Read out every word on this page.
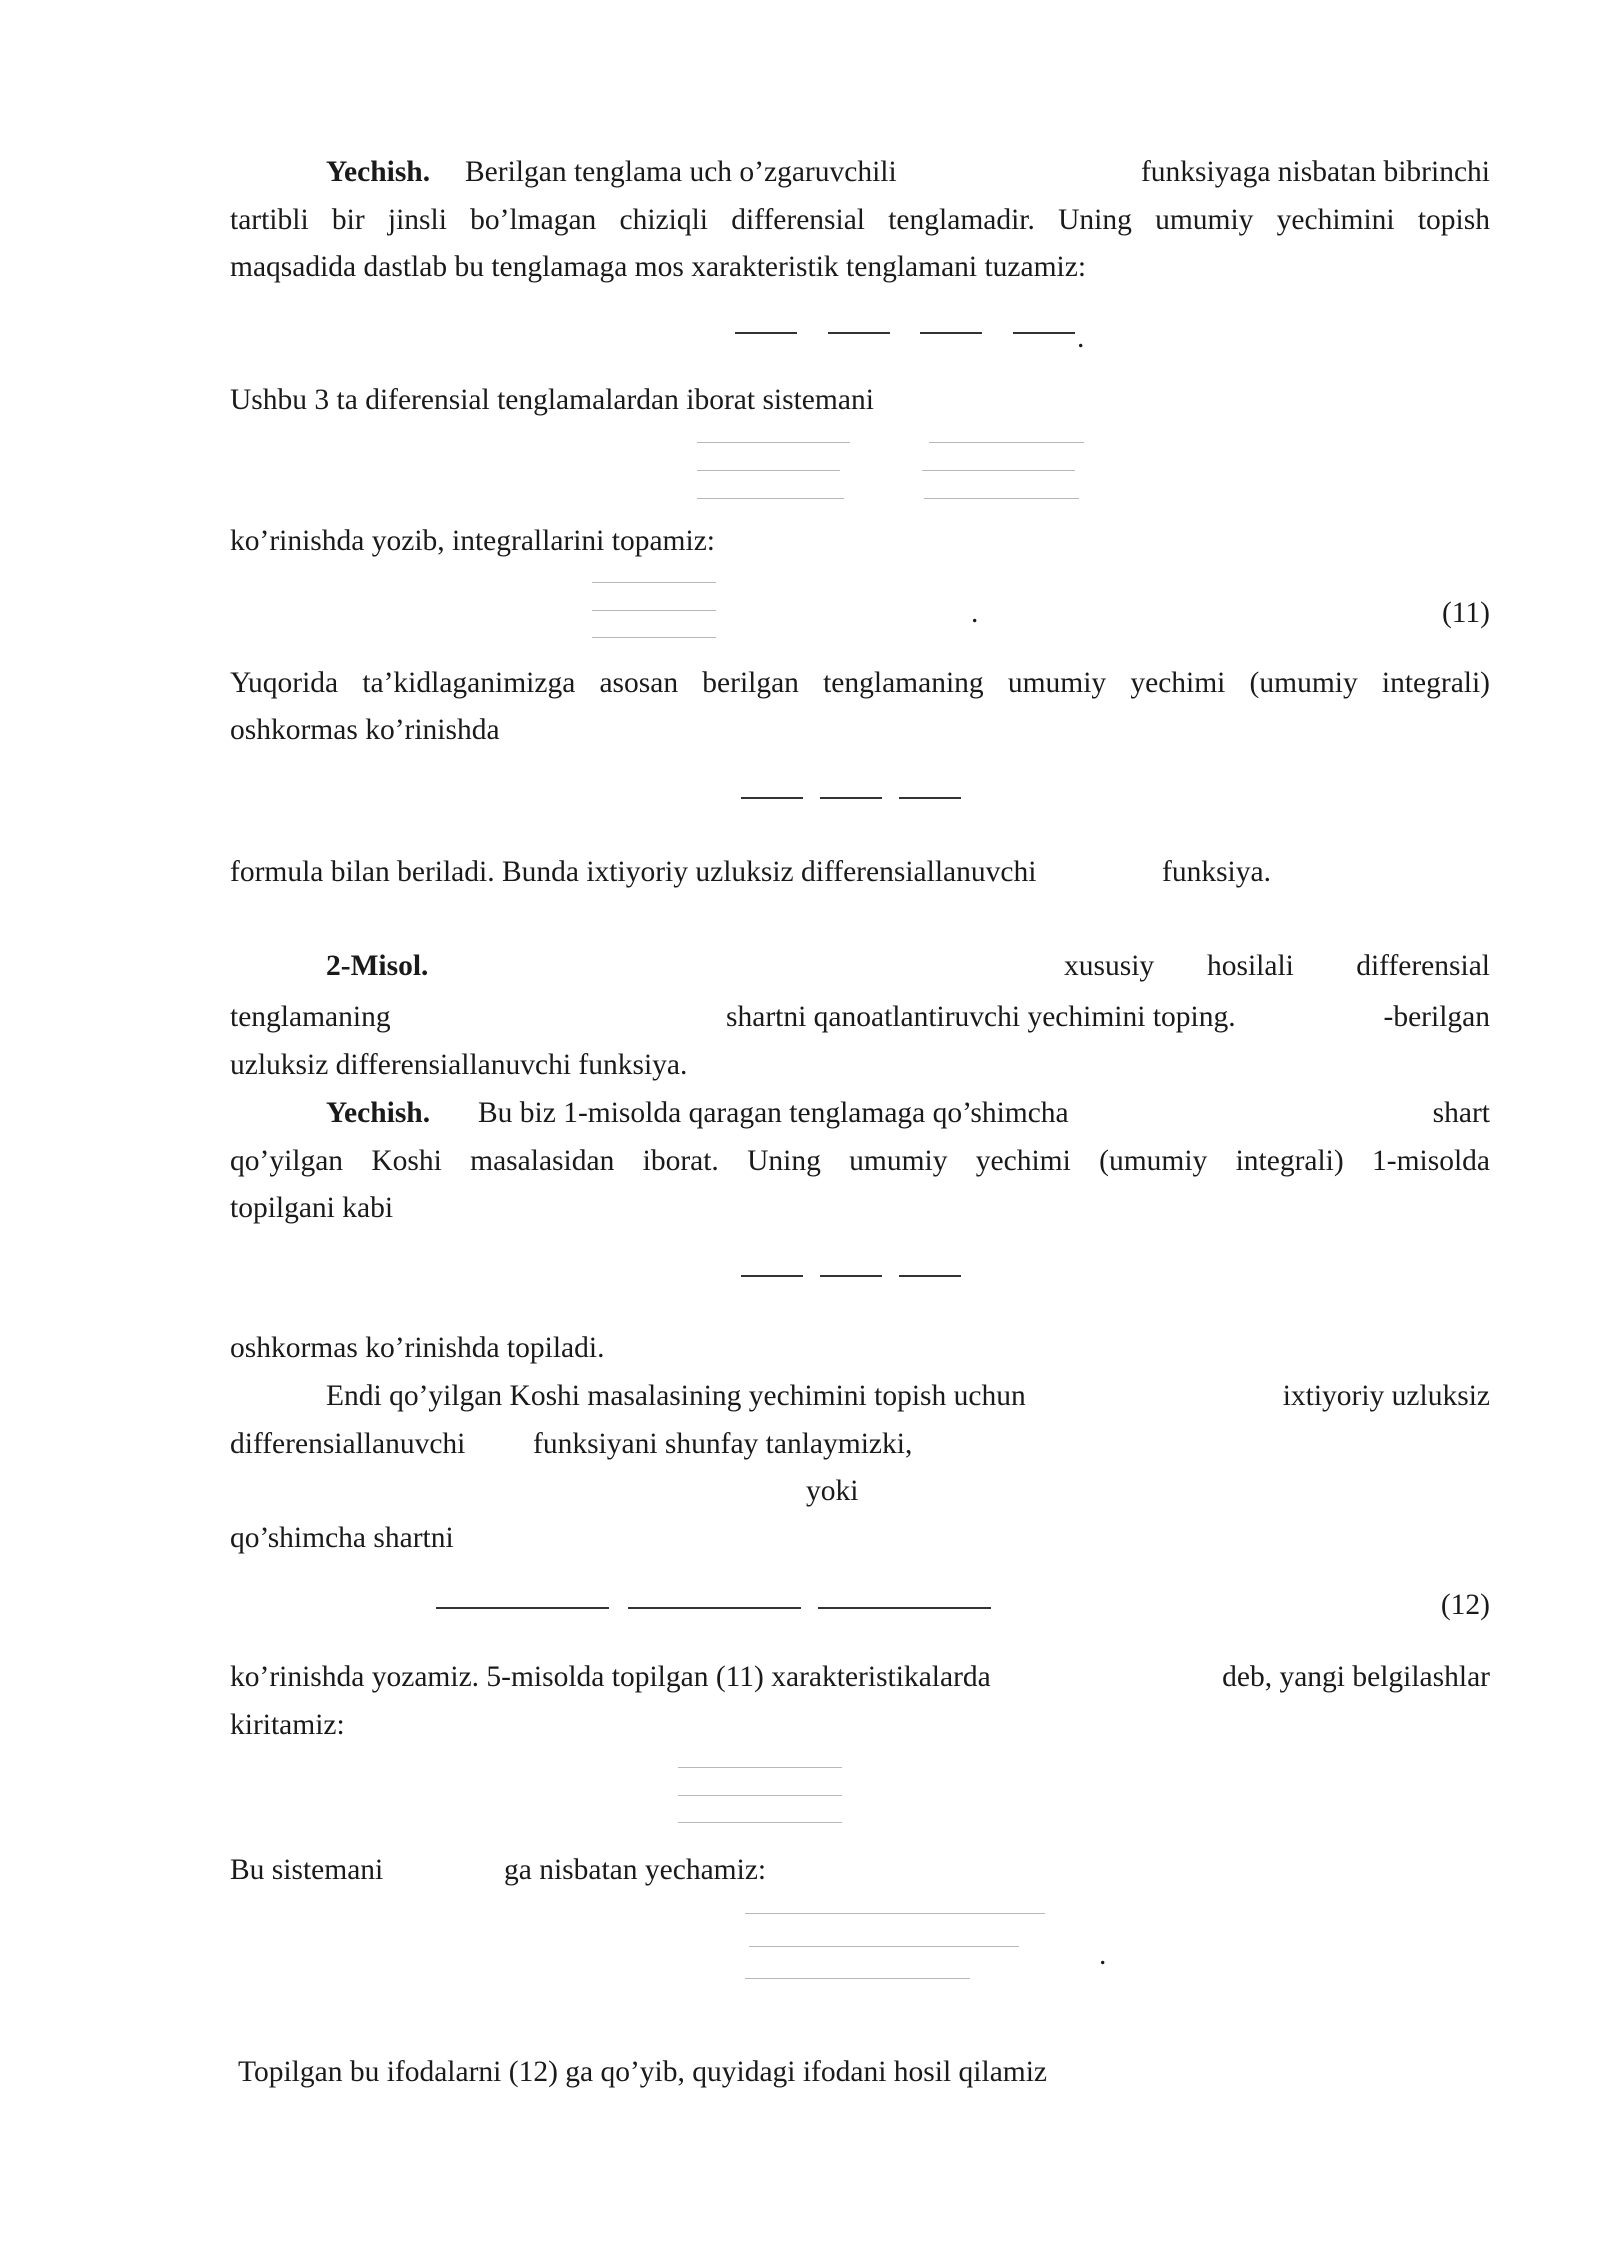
Yechish. Berilgan tenglama uch o’zgaruvchili	funksiyaga nisbatan bibrinchi
tartibli bir jinsli bo’lmagan chiziqli differensial tenglamadir. Uning umumiy yechimini topish
maqsadida dastlab bu tenglamaga mos xarakteristik tenglamani tuzamiz:
.
Ushbu 3 ta diferensial tenglamalardan iborat sistemani
ko’rinishda yozib, integrallarini topamiz:
.	(11)
Yuqorida ta’kidlaganimizga asosan berilgan tenglamaning umumiy yechimi (umumiy integrali)
oshkormas ko’rinishda
formula bilan beriladi. Bunda ixtiyoriy uzluksiz differensiallanuvchi	funksiya.
2-Misol.	xususiy hosilali differensial
tenglamaning	shartni qanoatlantiruvchi yechimini toping.	-berilgan
uzluksiz differensiallanuvchi funksiya.
Yechish. Bu biz 1-misolda qaragan tenglamaga qo’shimcha	shart
qo’yilgan Koshi masalasidan iborat. Uning umumiy yechimi (umumiy integrali) 1-misolda
topilgani kabi
oshkormas ko’rinishda topiladi.
Endi qo’yilgan Koshi masalasining yechimini topish uchun	ixtiyoriy uzluksiz
differensiallanuvchi funksiyani shunfay tanlaymizki,
yoki
qo’shimcha shartni
(12)
ko’rinishda yozamiz. 5-misolda topilgan (11) xarakteristikalarda	deb, yangi belgilashlar
kiritamiz:
Bu sistemani	ga nisbatan yechamiz:
.
Topilgan bu ifodalarni (12) ga qo’yib, quyidagi ifodani hosil qilamiz
